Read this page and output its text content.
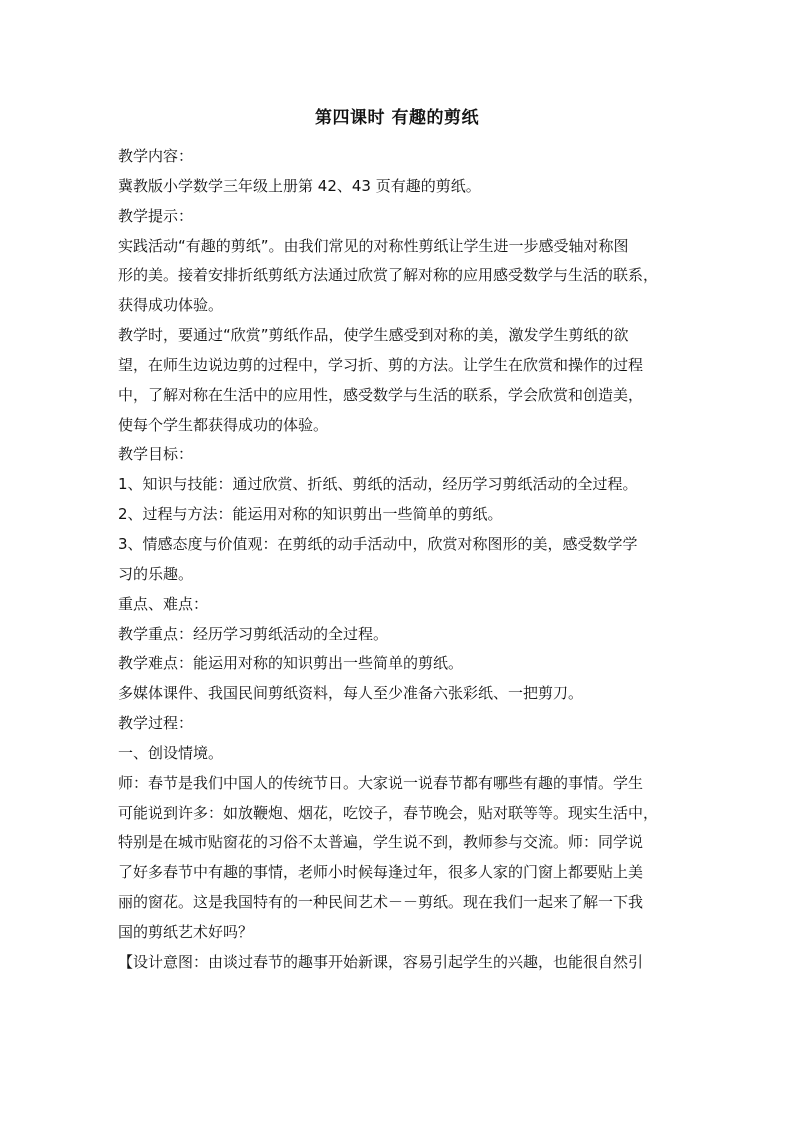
第四课时 有趣的剪纸
教学内容：
冀教版小学数学三年级上册第 42、43 页有趣的剪纸。
教学提示：
实践活动“有趣的剪纸”。由我们常见的对称性剪纸让学生进一步感受轴对称图
形的美。接着安排折纸剪纸方法通过欣赏了解对称的应用感受数学与生活的联系，
获得成功体验。
教学时，要通过“欣赏”剪纸作品，使学生感受到对称的美，激发学生剪纸的欲
望，在师生边说边剪的过程中，学习折、剪的方法。让学生在欣赏和操作的过程
中，了解对称在生活中的应用性，感受数学与生活的联系，学会欣赏和创造美，
使每个学生都获得成功的体验。
教学目标：
1、知识与技能：通过欣赏、折纸、剪纸的活动，经历学习剪纸活动的全过程。
2、过程与方法：能运用对称的知识剪出一些简单的剪纸。
3、情感态度与价值观：在剪纸的动手活动中，欣赏对称图形的美，感受数学学
习的乐趣。
重点、难点：
教学重点：经历学习剪纸活动的全过程。
教学难点：能运用对称的知识剪出一些简单的剪纸。
多媒体课件、我国民间剪纸资料，每人至少准备六张彩纸、一把剪刀。
教学过程：
一、创设情境。
师：春节是我们中国人的传统节日。大家说一说春节都有哪些有趣的事情。学生
可能说到许多：如放鞭炮、烟花，吃饺子，春节晚会，贴对联等等。现实生活中，
特别是在城市贴窗花的习俗不太普遍，学生说不到，教师参与交流。师：同学说
了好多春节中有趣的事情，老师小时候每逢过年，很多人家的门窗上都要贴上美
丽的窗花。这是我国特有的一种民间艺术－－剪纸。现在我们一起来了解一下我
国的剪纸艺术好吗？
【设计意图：由谈过春节的趣事开始新课，容易引起学生的兴趣，也能很自然引
